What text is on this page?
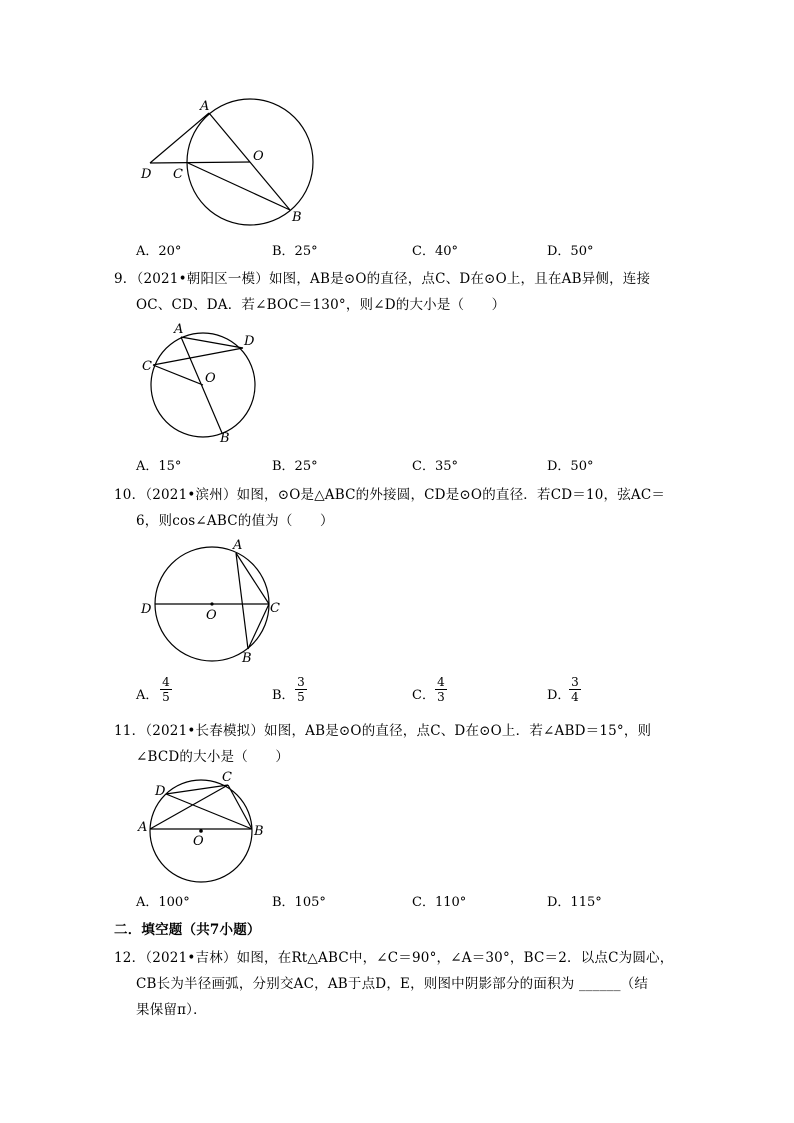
A
O
D C
B
A．20°	B．25°	C．40°	D．50°
9．（2021•朝阳区一模）如图，AB是⊙O的直径，点C、D在⊙O上，且在AB异侧，连接
OC、CD、DA．若∠BOC＝130°，则∠D的大小是（　　）
A
D
C
O
B
A．15°	B．25°	C．35°	D．50°
10．（2021•滨州）如图，⊙O是△ABC的外接圆，CD是⊙O的直径．若CD＝10，弦AC＝
6，则cos∠ABC的值为（　　）
A
D	O	C
B
A． $\frac{4}{5}$	B． $\frac{3}{5}$	C． $\frac{4}{3}$	D．
$\frac{3}{4}$
11．（2021•长春模拟）如图，AB是⊙O的直径，点C、D在⊙O上．若∠ABD＝15°，则
∠BCD的大小是（　　）
C
D
A	B
O
A．100°	B．105°	C．110°	D．115°
二．填空题（共7小题）
12．（2021•吉林）如图，在Rt△ABC中，∠C＝90°，∠A＝30°，BC＝2．以点C为圆心，
CB长为半径画弧，分别交AC，AB于点D，E，则图中阴影部分的面积为 ______（结
果保留π）．
